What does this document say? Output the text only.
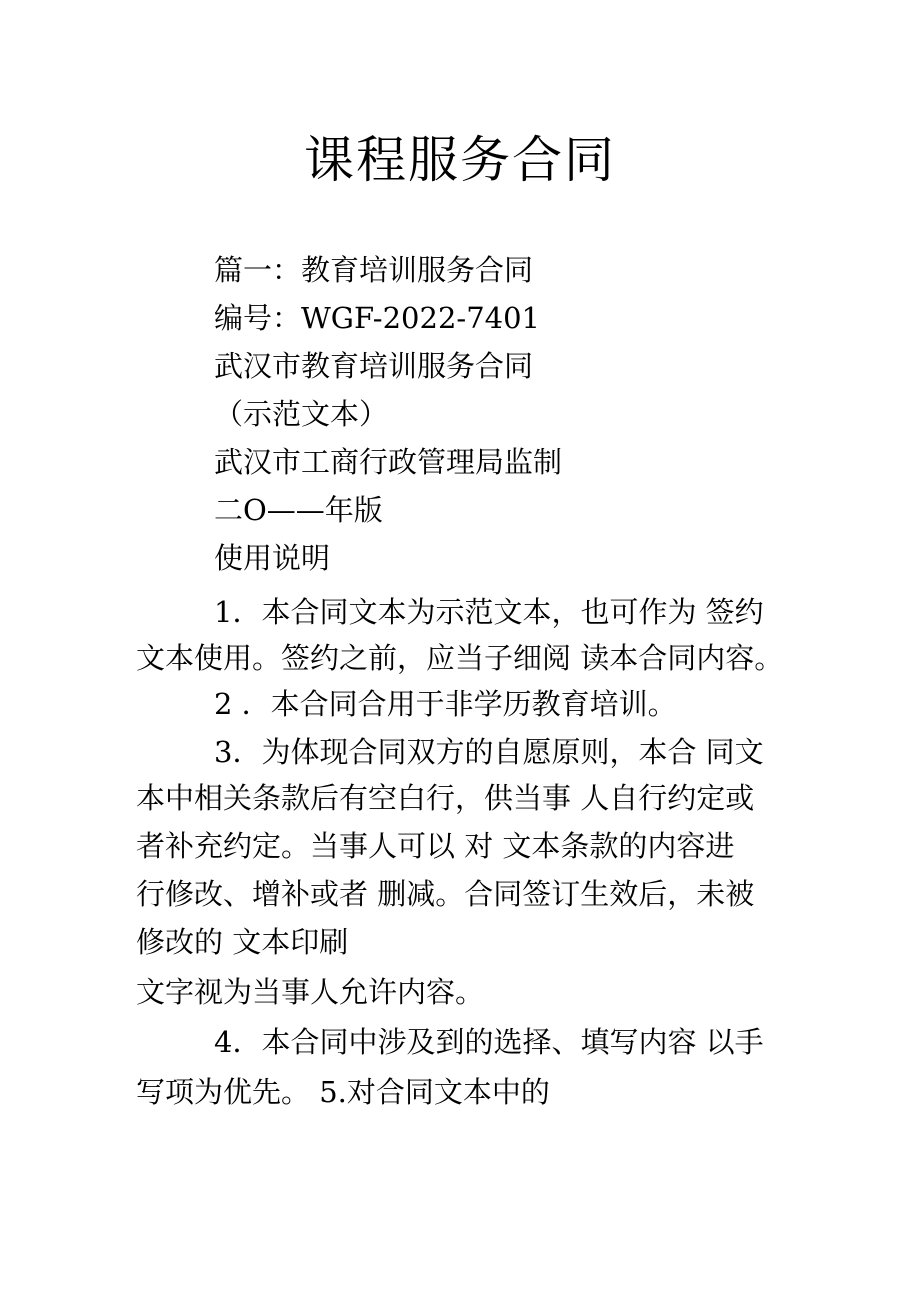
课程服务合同
篇一：教育培训服务合同
编号：WGF-2022-7401
武汉市教育培训服务合同
（示范文本）
武汉市工商行政管理局监制
二O——年版
使用说明
1．本合同文本为示范文本，也可作为 签约
文本使用。签约之前，应当子细阅 读本合同内容。
2 ．本合同合用于非学历教育培训。
3．为体现合同双方的自愿原则，本合 同文
本中相关条款后有空白行，供当事 人自行约定或
者补充约定。当事人可以 对 文本条款的内容进
行修改、增补或者 删减。合同签订生效后，未被
修改的 文本印刷
文字视为当事人允许内容。
4．本合同中涉及到的选择、填写内容 以手
写项为优先。 5.对合同文本中的
